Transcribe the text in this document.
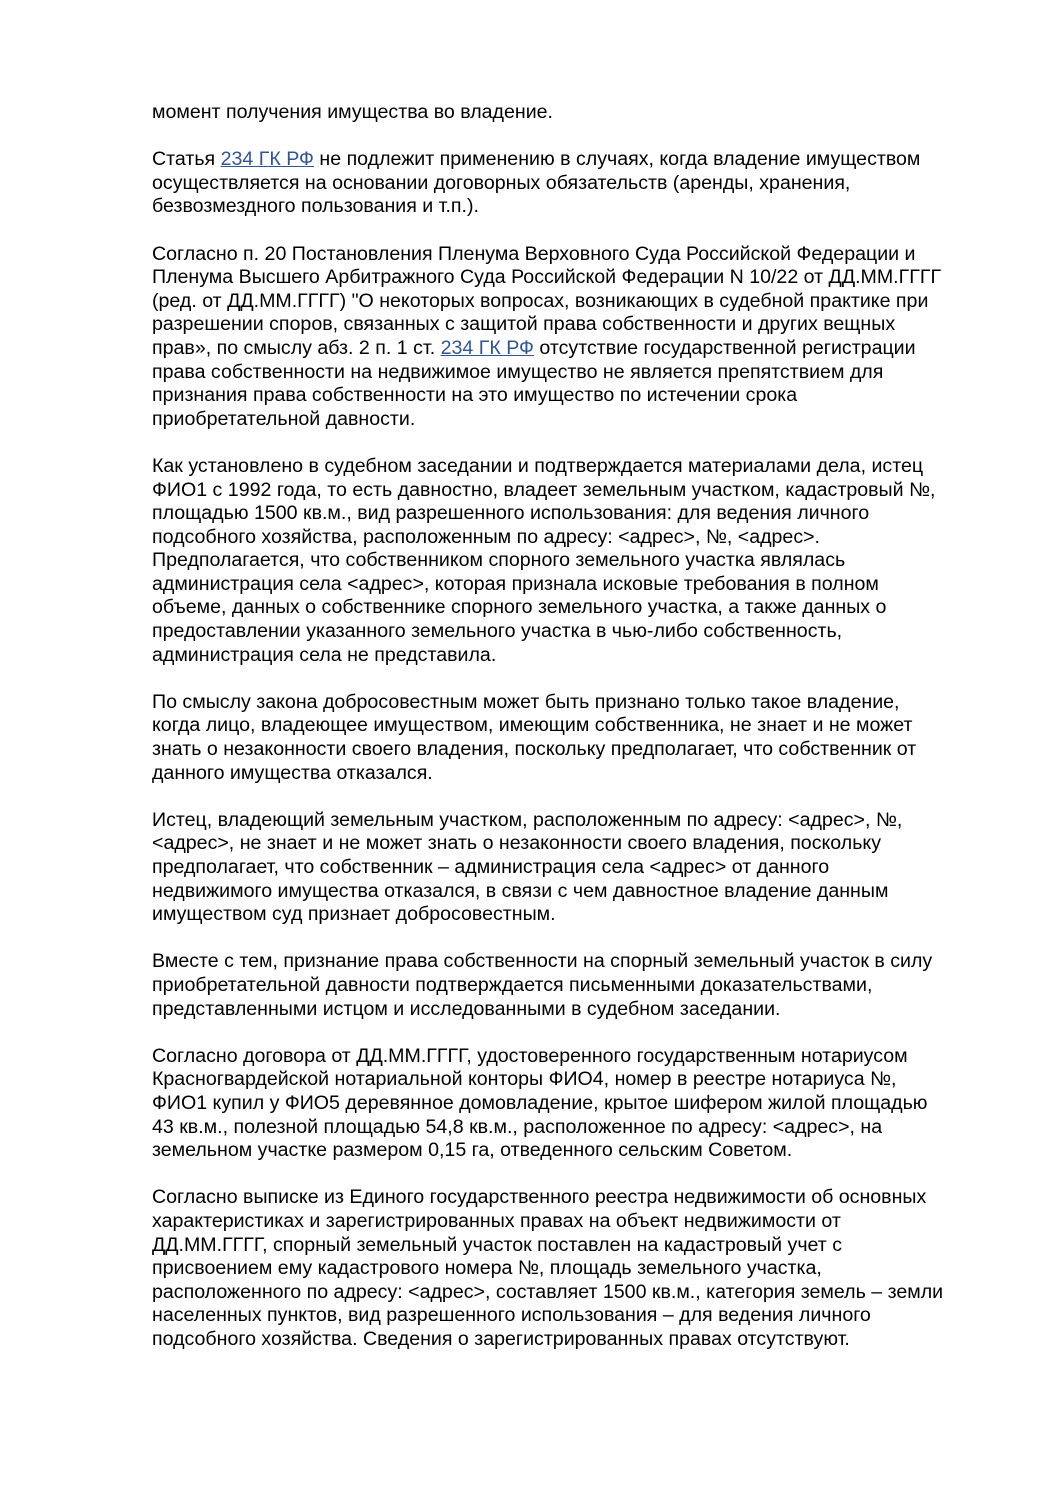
момент получения имущества во владение.
Статья 234 ГК РФ не подлежит применению в случаях, когда владение имуществом
осуществляется на основании договорных обязательств (аренды, хранения,
безвозмездного пользования и т.п.).
Согласно п. 20 Постановления Пленума Верховного Суда Российской Федерации и
Пленума Высшего Арбитражного Суда Российской Федерации N 10/22 от ДД.ММ.ГГГГ
(ред. от ДД.ММ.ГГГГ) "О некоторых вопросах, возникающих в судебной практике при
разрешении споров, связанных с защитой права собственности и других вещных
прав», по смыслу абз. 2 п. 1 ст. 234 ГК РФ отсутствие государственной регистрации
права собственности на недвижимое имущество не является препятствием для
признания права собственности на это имущество по истечении срока
приобретательной давности.
Как установлено в судебном заседании и подтверждается материалами дела, истец
ФИО1 с 1992 года, то есть давностно, владеет земельным участком, кадастровый №,
площадью 1500 кв.м., вид разрешенного использования: для ведения личного
подсобного хозяйства, расположенным по адресу: <адрес>, №, <адрес>.
Предполагается, что собственником спорного земельного участка являлась
администрация села <адрес>, которая признала исковые требования в полном
объеме, данных о собственнике спорного земельного участка, а также данных о
предоставлении указанного земельного участка в чью-либо собственность,
администрация села не представила.
По смыслу закона добросовестным может быть признано только такое владение,
когда лицо, владеющее имуществом, имеющим собственника, не знает и не может
знать о незаконности своего владения, поскольку предполагает, что собственник от
данного имущества отказался.
Истец, владеющий земельным участком, расположенным по адресу: <адрес>, №,
<адрес>, не знает и не может знать о незаконности своего владения, поскольку
предполагает, что собственник – администрация села <адрес> от данного
недвижимого имущества отказался, в связи с чем давностное владение данным
имуществом суд признает добросовестным.
Вместе с тем, признание права собственности на спорный земельный участок в силу
приобретательной давности подтверждается письменными доказательствами,
представленными истцом и исследованными в судебном заседании.
Согласно договора от ДД.ММ.ГГГГ, удостоверенного государственным нотариусом
Красногвардейской нотариальной конторы ФИО4, номер в реестре нотариуса №,
ФИО1 купил у ФИО5 деревянное домовладение, крытое шифером жилой площадью
43 кв.м., полезной площадью 54,8 кв.м., расположенное по адресу: <адрес>, на
земельном участке размером 0,15 га, отведенного сельским Советом.
Согласно выписке из Единого государственного реестра недвижимости об основных
характеристиках и зарегистрированных правах на объект недвижимости от
ДД.ММ.ГГГГ, спорный земельный участок поставлен на кадастровый учет с
присвоением ему кадастрового номера №, площадь земельного участка,
расположенного по адресу: <адрес>, составляет 1500 кв.м., категория земель – земли
населенных пунктов, вид разрешенного использования – для ведения личного
подсобного хозяйства. Сведения о зарегистрированных правах отсутствуют.
